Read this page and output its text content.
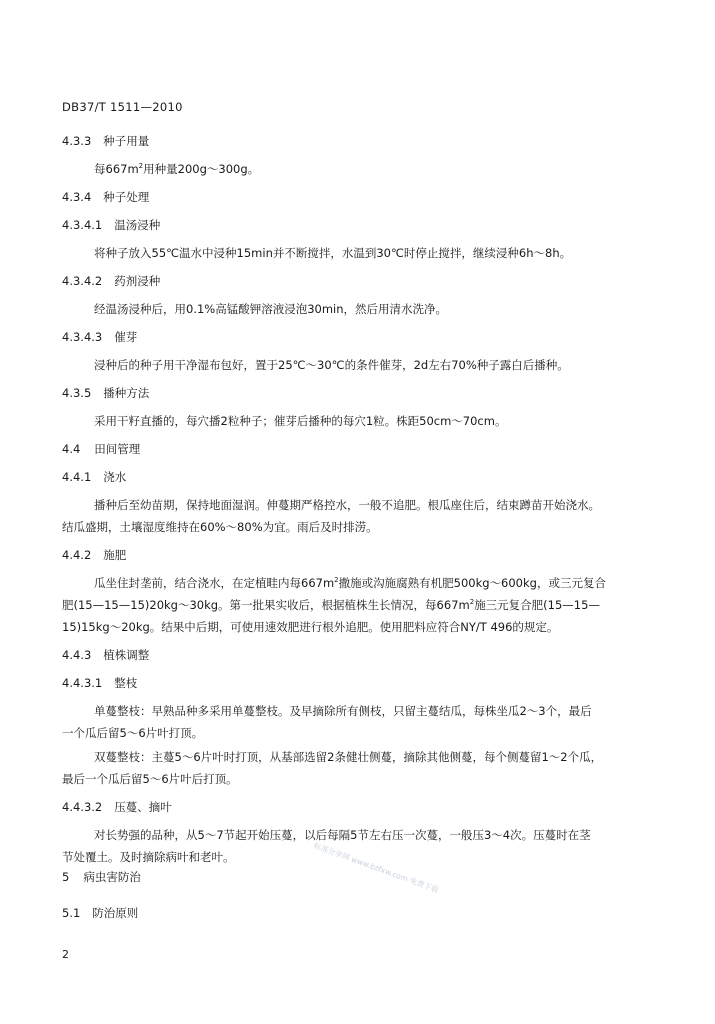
DB37/T 1511—2010
4.3.3 种子用量
每$667m^2$用种量200g～300g。
4.3.4 种子处理
4.3.4.1 温汤浸种
将种子放入55℃温水中浸种15min并不断搅拌，水温到30℃时停止搅拌，继续浸种6h～8h。
4.3.4.2 药剂浸种
经温汤浸种后，用0.1%高锰酸钾溶液浸泡30min，然后用清水洗净。
4.3.4.3 催芽
浸种后的种子用干净湿布包好，置于25℃～30℃的条件催芽，2d左右70%种子露白后播种。
4.3.5 播种方法
采用干籽直播的，每穴播2粒种子；催芽后播种的每穴1粒。株距50cm～70cm。
4.4 田间管理
4.4.1 浇水
播种后至幼苗期，保持地面湿润。伸蔓期严格控水，一般不追肥。根瓜座住后，结束蹲苗开始浇水。
结瓜盛期，土壤湿度维持在60%～80%为宜。雨后及时排涝。
4.4.2 施肥
瓜坐住封垄前，结合浇水，在定植畦内每$667m^2$撒施或沟施腐熟有机肥500kg～600kg，或三元复合
肥(15—15—15)20kg～30kg。第一批果实收后，根据植株生长情况，每$667m^2$施三元复合肥(15—15—
15)15kg～20kg。结果中后期，可使用速效肥进行根外追肥。使用肥料应符合NY/T 496的规定。
4.4.3 植株调整
4.4.3.1 整枝
单蔓整枝：早熟品种多采用单蔓整枝。及早摘除所有侧枝，只留主蔓结瓜，每株坐瓜2～3个，最后
一个瓜后留5～6片叶打顶。
双蔓整枝：主蔓5～6片叶时打顶，从基部选留2条健壮侧蔓，摘除其他侧蔓，每个侧蔓留1～2个瓜，
最后一个瓜后留5～6片叶后打顶。
4.4.3.2 压蔓、摘叶
对长势强的品种，从5～7节起开始压蔓，以后每隔5节左右压一次蔓，一般压3～4次。压蔓时在茎
节处覆土。及时摘除病叶和老叶。
5 病虫害防治
5.1 防治原则
标准分享网 www.bzfxw.com 免费下载
2
